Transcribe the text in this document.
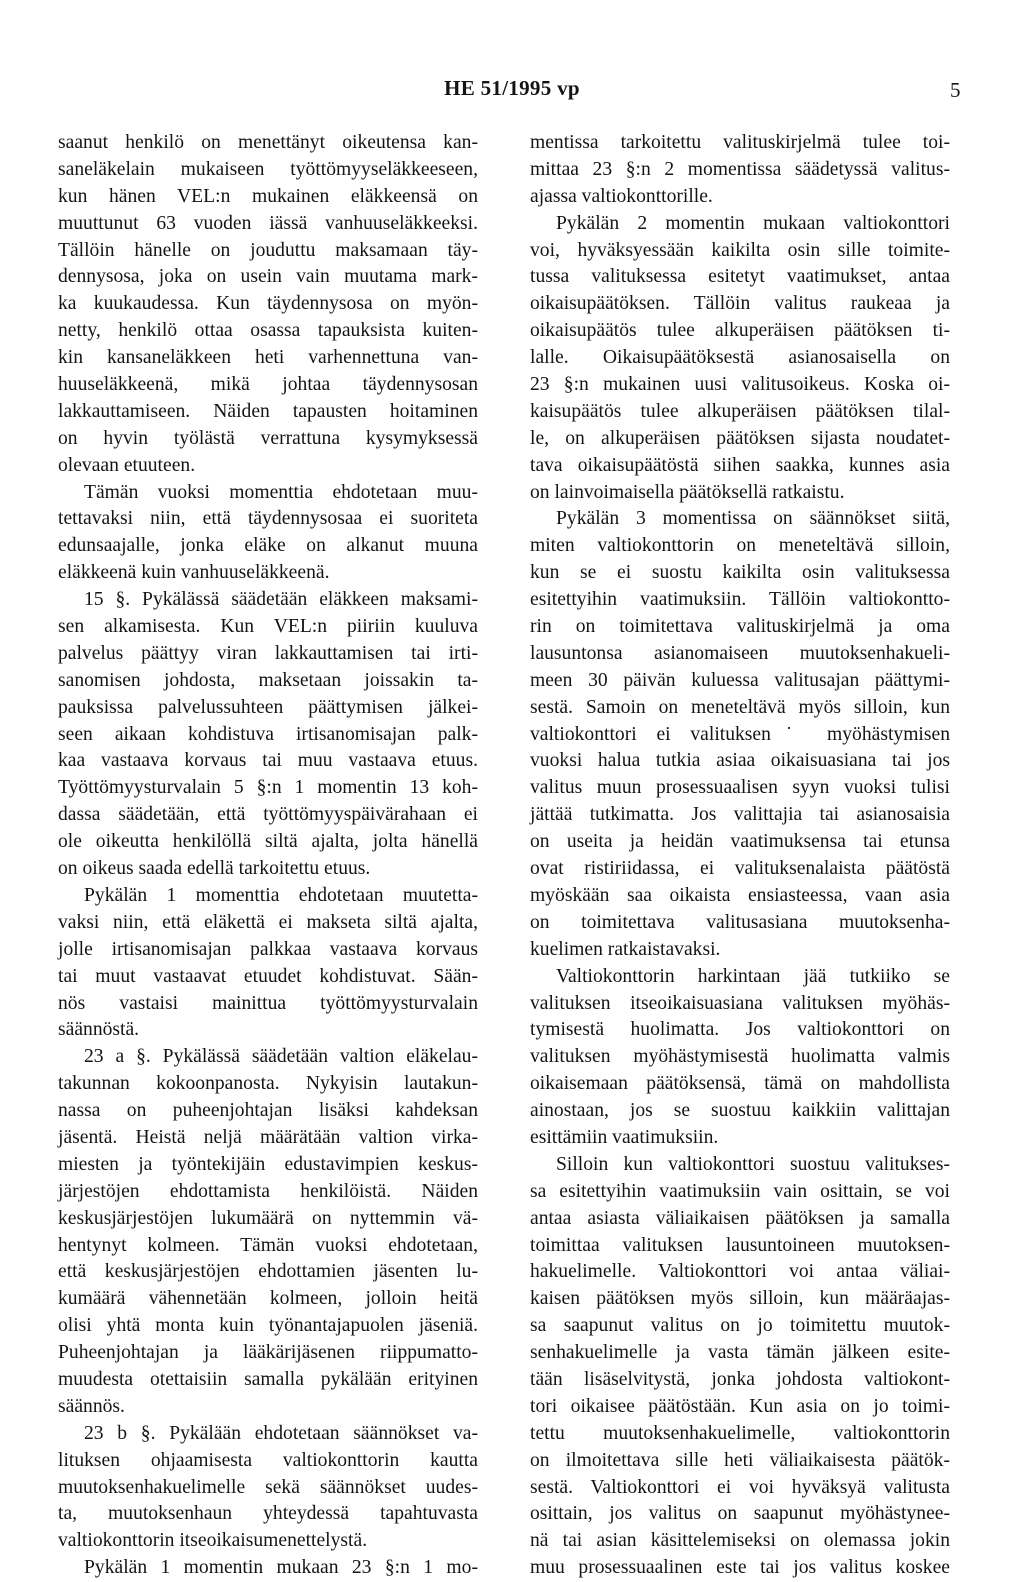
HE 51/1995 vp	5
saanut henkilö on menettänyt oikeutensa kan-
saneläkelain mukaiseen työttömyyseläkkeeseen,
kun hänen VEL:n mukainen eläkkeensä on
muuttunut 63 vuoden iässä vanhuuseläkkeeksi.
Tällöin hänelle on jouduttu maksamaan täy-
dennysosa, joka on usein vain muutama mark-
ka kuukaudessa. Kun täydennysosa on myön-
netty, henkilö ottaa osassa tapauksista kuiten-
kin kansaneläkkeen heti varhennettuna van-
huuseläkkeenä, mikä johtaa täydennysosan
lakkauttamiseen. Näiden tapausten hoitaminen
on hyvin työlästä verrattuna kysymyksessä
olevaan etuuteen.
Tämän vuoksi momenttia ehdotetaan muu-
tettavaksi niin, että täydennysosaa ei suoriteta
edunsaajalle, jonka eläke on alkanut muuna
eläkkeenä kuin vanhuuseläkkeenä.
15 §. Pykälässä säädetään eläkkeen maksami-
sen alkamisesta. Kun VEL:n piiriin kuuluva
palvelus päättyy viran lakkauttamisen tai irti-
sanomisen johdosta, maksetaan joissakin ta-
pauksissa palvelussuhteen päättymisen jälkei-
seen aikaan kohdistuva irtisanomisajan palk-
kaa vastaava korvaus tai muu vastaava etuus.
Työttömyysturvalain 5 §:n 1 momentin 13 koh-
dassa säädetään, että työttömyyspäivärahaan ei
ole oikeutta henkilöllä siltä ajalta, jolta hänellä
on oikeus saada edellä tarkoitettu etuus.
Pykälän 1 momenttia ehdotetaan muutetta-
vaksi niin, että eläkettä ei makseta siltä ajalta,
jolle irtisanomisajan palkkaa vastaava korvaus
tai muut vastaavat etuudet kohdistuvat. Sään-
nös vastaisi mainittua työttömyysturvalain
säännöstä.
23 a §. Pykälässä säädetään valtion eläkelau-
takunnan kokoonpanosta. Nykyisin lautakun-
nassa on puheenjohtajan lisäksi kahdeksan
jäsentä. Heistä neljä määrätään valtion virka-
miesten ja työntekijäin edustavimpien keskus-
järjestöjen ehdottamista henkilöistä. Näiden
keskusjärjestöjen lukumäärä on nyttemmin vä-
hentynyt kolmeen. Tämän vuoksi ehdotetaan,
että keskusjärjestöjen ehdottamien jäsenten lu-
kumäärä vähennetään kolmeen, jolloin heitä
olisi yhtä monta kuin työnantajapuolen jäseniä.
Puheenjohtajan ja lääkärijäsenen riippumatto-
muudesta otettaisiin samalla pykälään erityinen
säännös.
23 b §. Pykälään ehdotetaan säännökset va-
lituksen ohjaamisesta valtiokonttorin kautta
muutoksenhakuelimelle sekä säännökset uudes-
ta, muutoksenhaun yhteydessä tapahtuvasta
valtiokonttorin itseoikaisumenettelystä.
Pykälän 1 momentin mukaan 23 §:n 1 mo-
mentissa tarkoitettu valituskirjelmä tulee toi-
mittaa 23 §:n 2 momentissa säädetyssä valitus-
ajassa valtiokonttorille.
Pykälän 2 momentin mukaan valtiokonttori
voi, hyväksyessään kaikilta osin sille toimite-
tussa valituksessa esitetyt vaatimukset, antaa
oikaisupäätöksen. Tällöin valitus raukeaa ja
oikaisupäätös tulee alkuperäisen päätöksen ti-
lalle. Oikaisupäätöksestä asianosaisella on
23 §:n mukainen uusi valitusoikeus. Koska oi-
kaisupäätös tulee alkuperäisen päätöksen tilal-
le, on alkuperäisen päätöksen sijasta noudatet-
tava oikaisupäätöstä siihen saakka, kunnes asia
on lainvoimaisella päätöksellä ratkaistu.
Pykälän 3 momentissa on säännökset siitä,
miten valtiokonttorin on meneteltävä silloin,
kun se ei suostu kaikilta osin valituksessa
esitettyihin vaatimuksiin. Tällöin valtiokontto-
rin on toimitettava valituskirjelmä ja oma
lausuntonsa asianomaiseen muutoksenhakueli-
meen 30 päivän kuluessa valitusajan päättymi-
sestä. Samoin on meneteltävä myös silloin, kun
valtiokonttori ei valituksen˙ myöhästymisen
vuoksi halua tutkia asiaa oikaisuasiana tai jos
valitus muun prosessuaalisen syyn vuoksi tulisi
jättää tutkimatta. Jos valittajia tai asianosaisia
on useita ja heidän vaatimuksensa tai etunsa
ovat ristiriidassa, ei valituksenalaista päätöstä
myöskään saa oikaista ensiasteessa, vaan asia
on toimitettava valitusasiana muutoksenha-
kuelimen ratkaistavaksi.
Valtiokonttorin harkintaan jää tutkiiko se
valituksen itseoikaisuasiana valituksen myöhäs-
tymisestä huolimatta. Jos valtiokonttori on
valituksen myöhästymisestä huolimatta valmis
oikaisemaan päätöksensä, tämä on mahdollista
ainostaan, jos se suostuu kaikkiin valittajan
esittämiin vaatimuksiin.
Silloin kun valtiokonttori suostuu valitukses-
sa esitettyihin vaatimuksiin vain osittain, se voi
antaa asiasta väliaikaisen päätöksen ja samalla
toimittaa valituksen lausuntoineen muutoksen-
hakuelimelle. Valtiokonttori voi antaa väliai-
kaisen päätöksen myös silloin, kun määräajas-
sa saapunut valitus on jo toimitettu muutok-
senhakuelimelle ja vasta tämän jälkeen esite-
tään lisäselvitystä, jonka johdosta valtiokont-
tori oikaisee päätöstään. Kun asia on jo toimi-
tettu muutoksenhakuelimelle, valtiokonttorin
on ilmoitettava sille heti väliaikaisesta päätök-
sestä. Valtiokonttori ei voi hyväksyä valitusta
osittain, jos valitus on saapunut myöhästynee-
nä tai asian käsittelemiseksi on olemassa jokin
muu prosessuaalinen este tai jos valitus koskee
